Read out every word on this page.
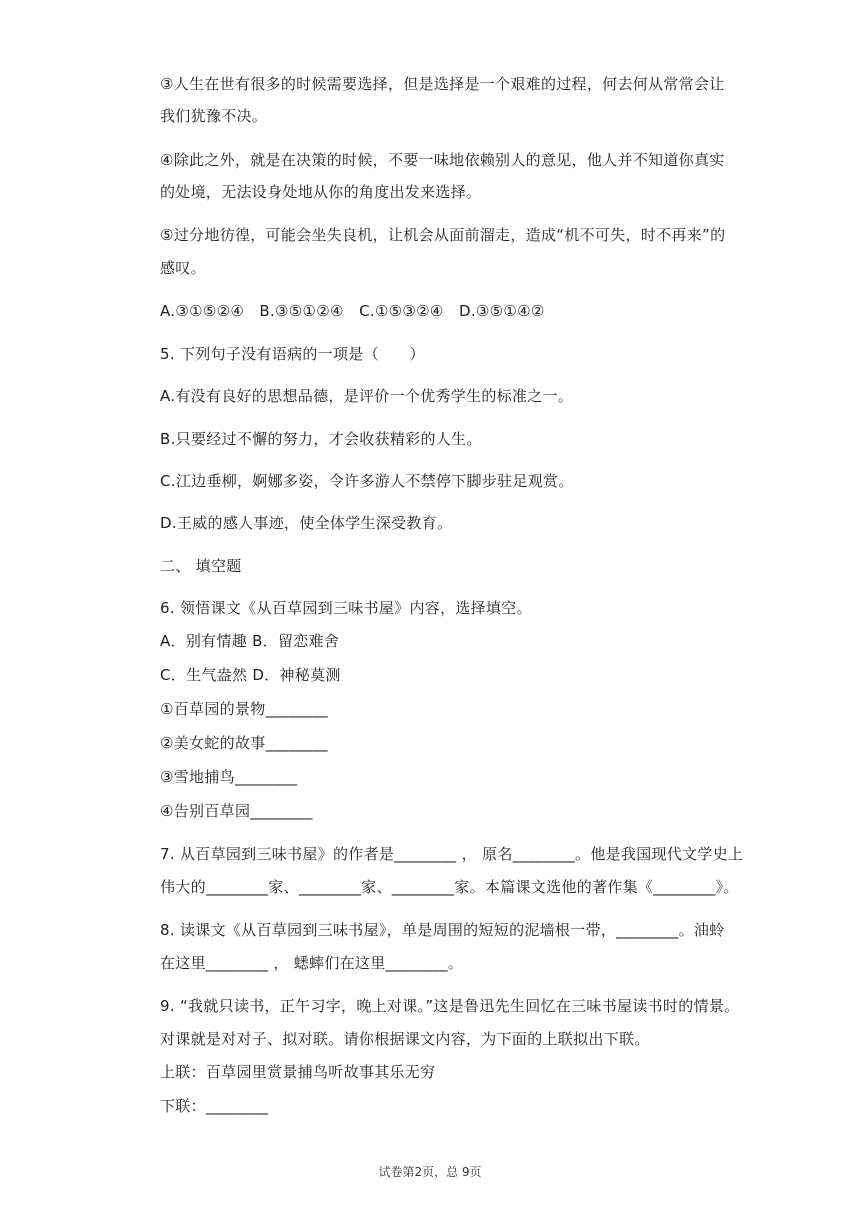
③人生在世有很多的时候需要选择，但是选择是一个艰难的过程，何去何从常常会让
我们犹豫不决。
④除此之外，就是在决策的时候，不要一味地依赖别人的意见，他人并不知道你真实
的处境，无法设身处地从你的角度出发来选择。
⑤过分地彷徨，可能会坐失良机，让机会从面前溜走，造成“机不可失，时不再来”的
感叹。
A.③①⑤②④　B.③⑤①②④　C.①⑤③②④　D.③⑤①④②
5. 下列句子没有语病的一项是（　　）
A.有没有良好的思想品德，是评价一个优秀学生的标准之一。
B.只要经过不懈的努力，才会收获精彩的人生。
C.江边垂柳，婀娜多姿，令许多游人不禁停下脚步驻足观赏。
D.王威的感人事迹，使全体学生深受教育。
二、 填空题
6. 领悟课文《从百草园到三味书屋》内容，选择填空。
A．别有情趣 B．留恋难舍
C．生气盎然 D．神秘莫测
①百草园的景物________
②美女蛇的故事________
③雪地捕鸟________
④告别百草园________
7. 从百草园到三味书屋》的作者是________ ， 原名________。他是我国现代文学史上
伟大的________家、________家、________家。本篇课文选他的著作集《________》。
8. 读课文《从百草园到三味书屋》，单是周围的短短的泥墙根一带，________。油蛉
在这里________ ， 蟋蟀们在这里________。
9. “我就只读书，正午习字，晚上对课。”这是鲁迅先生回忆在三味书屋读书时的情景。
对课就是对对子、拟对联。请你根据课文内容，为下面的上联拟出下联。
上联：百草园里赏景捕鸟听故事其乐无穷
下联：________
试卷第2页，总 9页
